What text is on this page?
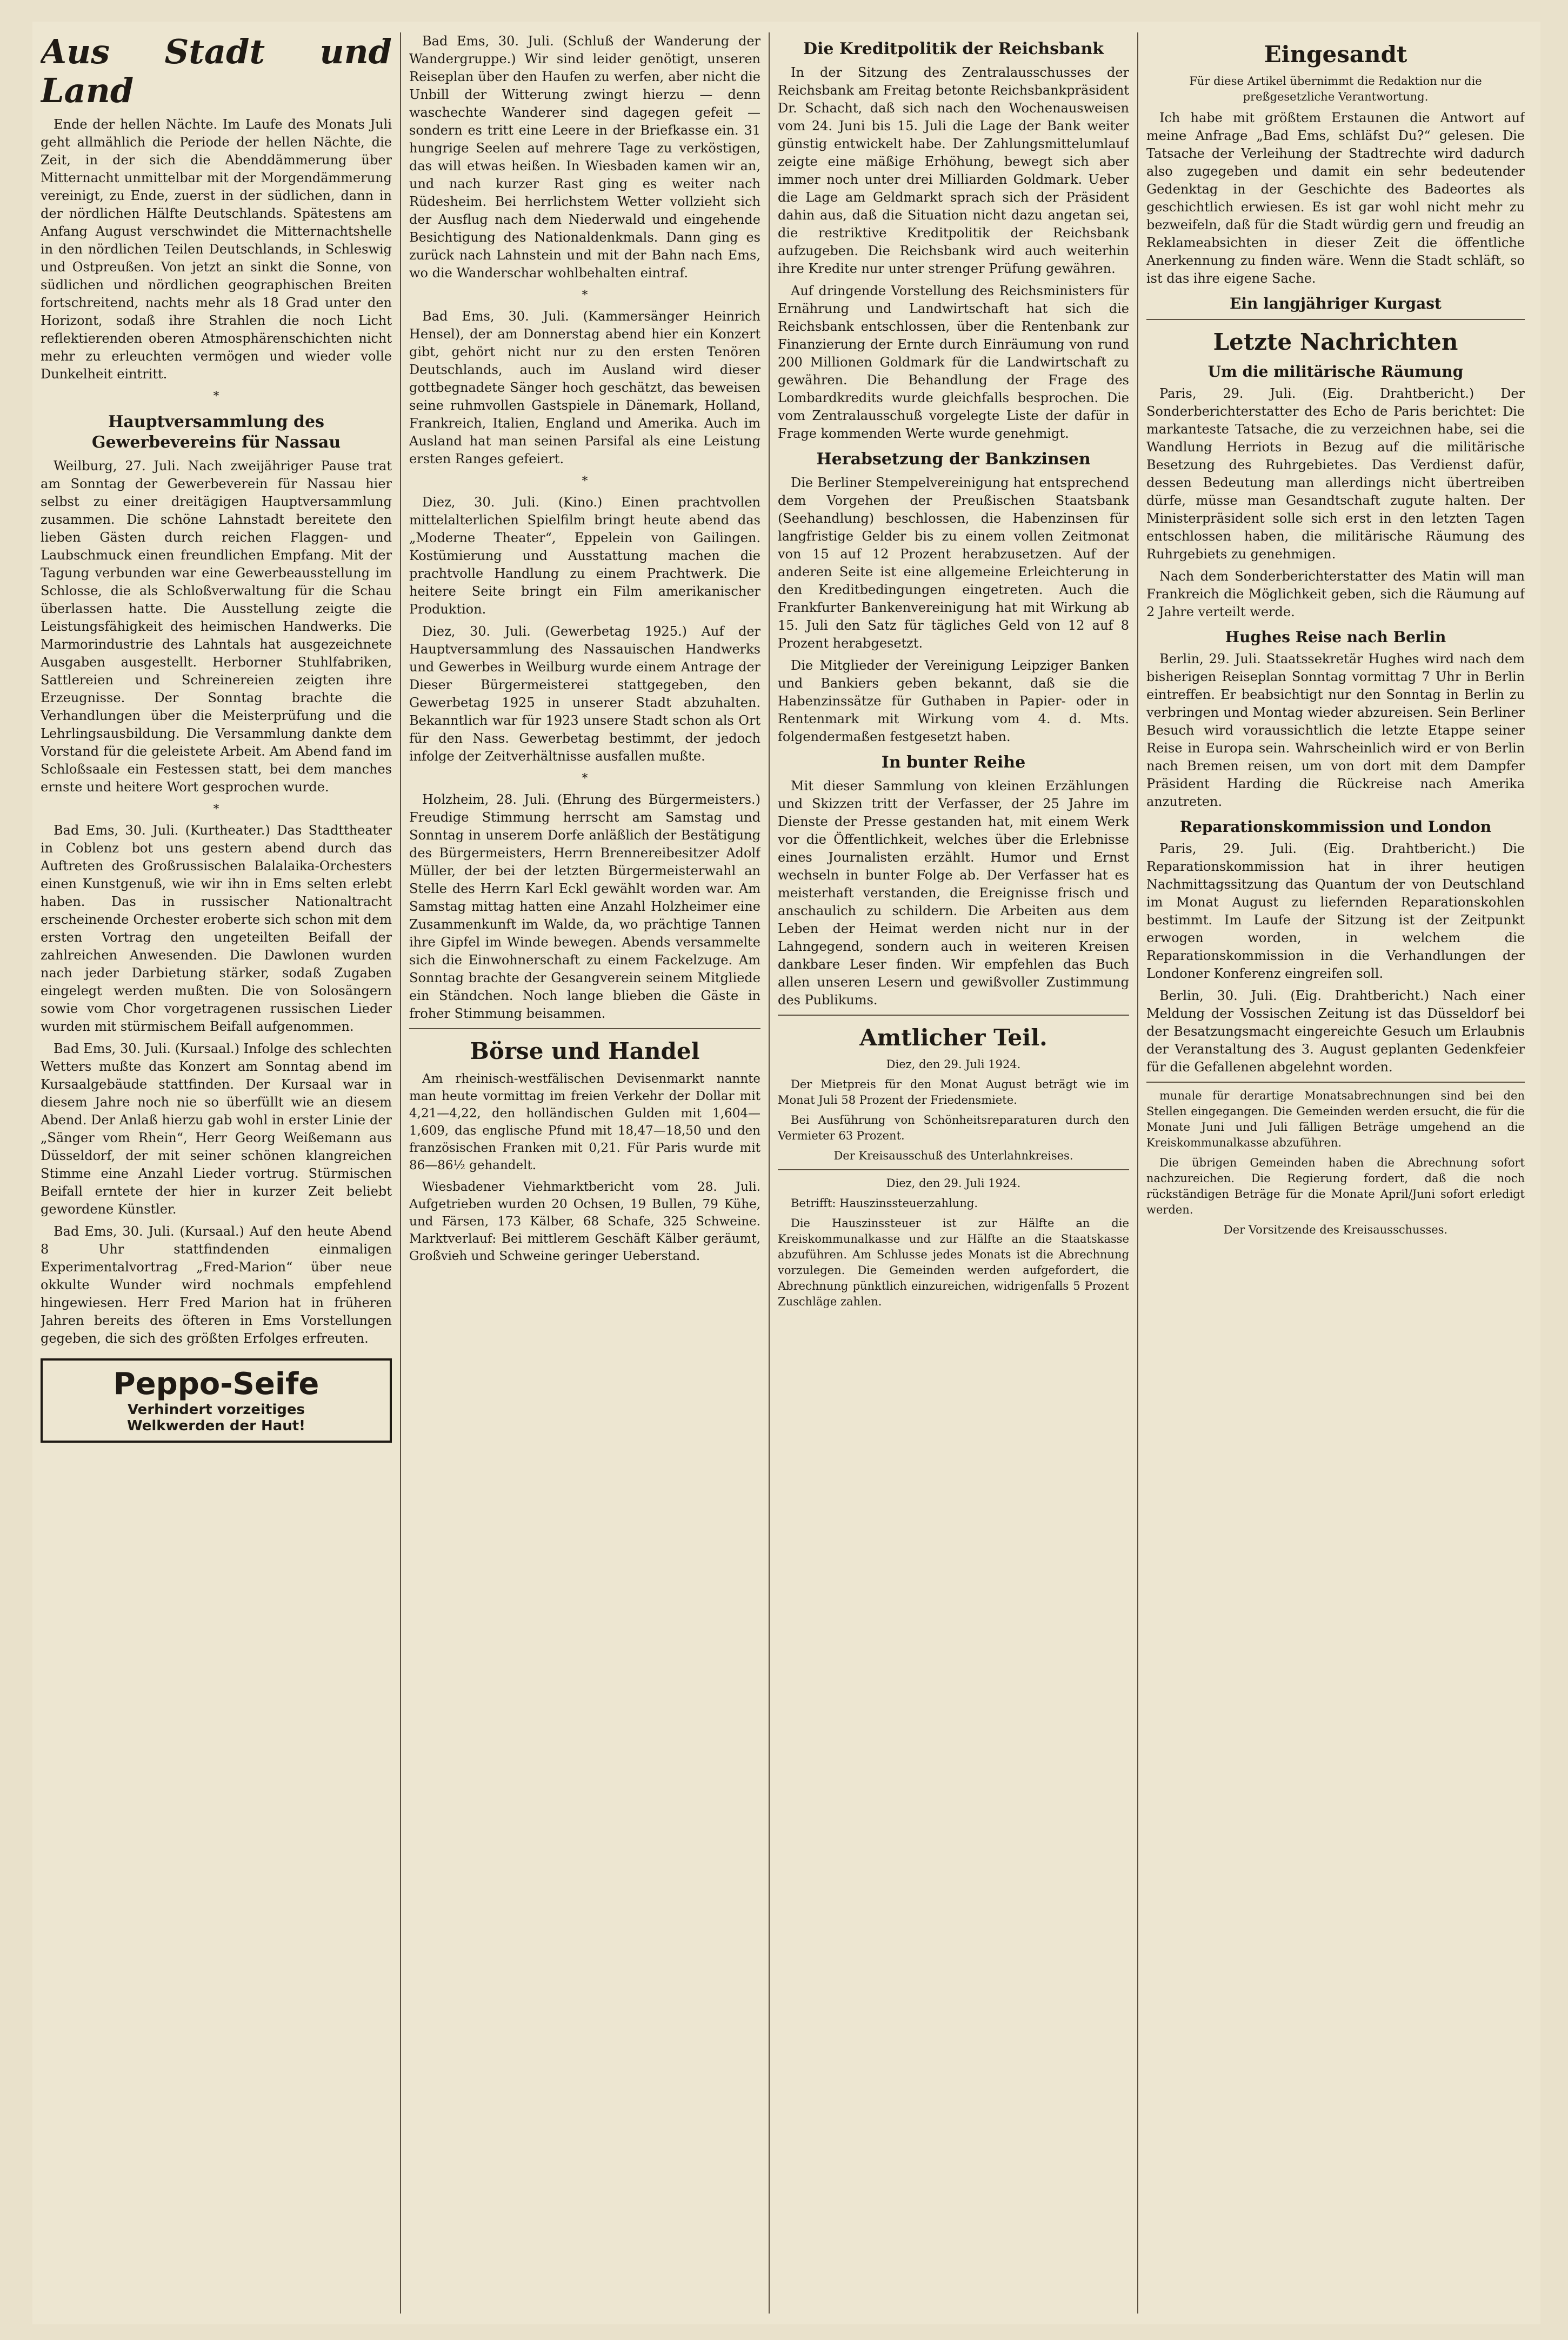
Aus Stadt und Land

Ende der hellen Nächte. Im Laufe des Monats Juli geht allmählich die Periode der hellen Nächte, die Zeit, in der sich die Abenddämmerung über Mitternacht unmittelbar mit der Morgendämmerung vereinigt, zu Ende, zuerst in der südlichen, dann in der nördlichen Hälfte Deutschlands. Spätestens am Anfang August verschwindet die Mitternachtshelle in den nördlichen Teilen Deutschlands, in Schleswig und Ostpreußen. Von jetzt an sinkt die Sonne, von südlichen und nördlichen geographischen Breiten fortschreitend, nachts mehr als 18 Grad unter den Horizont, sodaß ihre Strahlen die noch Licht reflektierenden oberen Atmosphärenschichten nicht mehr zu erleuchten vermögen und wieder volle Dunkelheit eintritt.

*
Hauptversammlung des Gewerbevereins für Nassau

Weilburg, 27. Juli. Nach zweijähriger Pause trat am Sonntag der Gewerbeverein für Nassau hier selbst zu einer dreitägigen Hauptversammlung zusammen. Die schöne Lahnstadt bereitete den lieben Gästen durch reichen Flaggen- und Laubschmuck einen freundlichen Empfang. Mit der Tagung verbunden war eine Gewerbeausstellung im Schlosse, die als Schloßverwaltung für die Schau überlassen hatte. Die Ausstellung zeigte die Leistungsfähigkeit des heimischen Handwerks. Die Marmorindustrie des Lahntals hat ausgezeichnete Ausgaben ausgestellt. Herborner Stuhlfabriken, Sattlereien und Schreinereien zeigten ihre Erzeugnisse. Der Sonntag brachte die Verhandlungen über die Meisterprüfung und die Lehrlingsausbildung. Die Versammlung dankte dem Vorstand für die geleistete Arbeit. Am Abend fand im Schloßsaale ein Festessen statt, bei dem manches ernste und heitere Wort gesprochen wurde.

*

Bad Ems, 30. Juli. (Kurtheater.) Das Stadttheater in Coblenz bot uns gestern abend durch das Auftreten des Großrussischen Balalaika-Orchesters einen Kunstgenuß, wie wir ihn in Ems selten erlebt haben. Das in russischer Nationaltracht erscheinende Orchester eroberte sich schon mit dem ersten Vortrag den ungeteilten Beifall der zahlreichen Anwesenden. Die Dawlonen wurden nach jeder Darbietung stärker, sodaß Zugaben eingelegt werden mußten. Die von Solosängern sowie vom Chor vorgetragenen russischen Lieder wurden mit stürmischem Beifall aufgenommen.

Bad Ems, 30. Juli. (Kursaal.) Infolge des schlechten Wetters mußte das Konzert am Sonntag abend im Kursaalgebäude stattfinden. Der Kursaal war in diesem Jahre noch nie so überfüllt wie an diesem Abend. Der Anlaß hierzu gab wohl in erster Linie der „Sänger vom Rhein“, Herr Georg Weißemann aus Düsseldorf, der mit seiner schönen klangreichen Stimme eine Anzahl Lieder vortrug. Stürmischen Beifall erntete der hier in kurzer Zeit beliebt gewordene Künstler.

Bad Ems, 30. Juli. (Kursaal.) Auf den heute Abend 8 Uhr stattfindenden einmaligen Experimentalvortrag „Fred-Marion“ über neue okkulte Wunder wird nochmals empfehlend hingewiesen. Herr Fred Marion hat in früheren Jahren bereits des öfteren in Ems Vorstellungen gegeben, die sich des größten Erfolges erfreuten.

Peppo-Seife
Verhindert vorzeitiges
Welkwerden der Haut!

Bad Ems, 30. Juli. (Schluß der Wanderung der Wandergruppe.) Wir sind leider genötigt, unseren Reiseplan über den Haufen zu werfen, aber nicht die Unbill der Witterung zwingt hierzu — denn waschechte Wanderer sind dagegen gefeit — sondern es tritt eine Leere in der Briefkasse ein. 31 hungrige Seelen auf mehrere Tage zu verköstigen, das will etwas heißen. In Wiesbaden kamen wir an, und nach kurzer Rast ging es weiter nach Rüdesheim. Bei herrlichstem Wetter vollzieht sich der Ausflug nach dem Niederwald und eingehende Besichtigung des Nationaldenkmals. Dann ging es zurück nach Lahnstein und mit der Bahn nach Ems, wo die Wanderschar wohlbehalten eintraf.

*

Bad Ems, 30. Juli. (Kammersänger Heinrich Hensel), der am Donnerstag abend hier ein Konzert gibt, gehört nicht nur zu den ersten Tenören Deutschlands, auch im Ausland wird dieser gottbegnadete Sänger hoch geschätzt, das beweisen seine ruhmvollen Gastspiele in Dänemark, Holland, Frankreich, Italien, England und Amerika. Auch im Ausland hat man seinen Parsifal als eine Leistung ersten Ranges gefeiert.

*

Diez, 30. Juli. (Kino.) Einen prachtvollen mittelalterlichen Spielfilm bringt heute abend das „Moderne Theater“, Eppelein von Gailingen. Kostümierung und Ausstattung machen die prachtvolle Handlung zu einem Prachtwerk. Die heitere Seite bringt ein Film amerikanischer Produktion.

Diez, 30. Juli. (Gewerbetag 1925.) Auf der Hauptversammlung des Nassauischen Handwerks und Gewerbes in Weilburg wurde einem Antrage der Dieser Bürgermeisterei stattgegeben, den Gewerbetag 1925 in unserer Stadt abzuhalten. Bekanntlich war für 1923 unsere Stadt schon als Ort für den Nass. Gewerbetag bestimmt, der jedoch infolge der Zeitverhältnisse ausfallen mußte.

*

Holzheim, 28. Juli. (Ehrung des Bürgermeisters.) Freudige Stimmung herrscht am Samstag und Sonntag in unserem Dorfe anläßlich der Bestätigung des Bürgermeisters, Herrn Brennereibesitzer Adolf Müller, der bei der letzten Bürgermeisterwahl an Stelle des Herrn Karl Eckl gewählt worden war. Am Samstag mittag hatten eine Anzahl Holzheimer eine Zusammenkunft im Walde, da, wo prächtige Tannen ihre Gipfel im Winde bewegen. Abends versammelte sich die Einwohnerschaft zu einem Fackelzuge. Am Sonntag brachte der Gesangverein seinem Mitgliede ein Ständchen. Noch lange blieben die Gäste in froher Stimmung beisammen.

Börse und Handel

Am rheinisch-westfälischen Devisenmarkt nannte man heute vormittag im freien Verkehr der Dollar mit 4,21—4,22, den holländischen Gulden mit 1,604—1,609, das englische Pfund mit 18,47—18,50 und den französischen Franken mit 0,21. Für Paris wurde mit 86—86½ gehandelt.

Wiesbadener Viehmarktbericht vom 28. Juli. Aufgetrieben wurden 20 Ochsen, 19 Bullen, 79 Kühe, und Färsen, 173 Kälber, 68 Schafe, 325 Schweine. Marktverlauf: Bei mittlerem Geschäft Kälber geräumt, Großvieh und Schweine geringer Ueberstand.

Die Kreditpolitik der Reichsbank

In der Sitzung des Zentralausschusses der Reichsbank am Freitag betonte Reichsbankpräsident Dr. Schacht, daß sich nach den Wochenausweisen vom 24. Juni bis 15. Juli die Lage der Bank weiter günstig entwickelt habe. Der Zahlungsmittelumlauf zeigte eine mäßige Erhöhung, bewegt sich aber immer noch unter drei Milliarden Goldmark. Ueber die Lage am Geldmarkt sprach sich der Präsident dahin aus, daß die Situation nicht dazu angetan sei, die restriktive Kreditpolitik der Reichsbank aufzugeben. Die Reichsbank wird auch weiterhin ihre Kredite nur unter strenger Prüfung gewähren.

Auf dringende Vorstellung des Reichsministers für Ernährung und Landwirtschaft hat sich die Reichsbank entschlossen, über die Rentenbank zur Finanzierung der Ernte durch Einräumung von rund 200 Millionen Goldmark für die Landwirtschaft zu gewähren. Die Behandlung der Frage des Lombardkredits wurde gleichfalls besprochen. Die vom Zentralausschuß vorgelegte Liste der dafür in Frage kommenden Werte wurde genehmigt.

Herabsetzung der Bankzinsen

Die Berliner Stempelvereinigung hat entsprechend dem Vorgehen der Preußischen Staatsbank (Seehandlung) beschlossen, die Habenzinsen für langfristige Gelder bis zu einem vollen Zeitmonat von 15 auf 12 Prozent herabzusetzen. Auf der anderen Seite ist eine allgemeine Erleichterung in den Kreditbedingungen eingetreten. Auch die Frankfurter Bankenvereinigung hat mit Wirkung ab 15. Juli den Satz für tägliches Geld von 12 auf 8 Prozent herabgesetzt.

Die Mitglieder der Vereinigung Leipziger Banken und Bankiers geben bekannt, daß sie die Habenzinssätze für Guthaben in Papier- oder in Rentenmark mit Wirkung vom 4. d. Mts. folgendermaßen festgesetzt haben.

In bunter Reihe

Mit dieser Sammlung von kleinen Erzählungen und Skizzen tritt der Verfasser, der 25 Jahre im Dienste der Presse gestanden hat, mit einem Werk vor die Öffentlichkeit, welches über die Erlebnisse eines Journalisten erzählt. Humor und Ernst wechseln in bunter Folge ab. Der Verfasser hat es meisterhaft verstanden, die Ereignisse frisch und anschaulich zu schildern. Die Arbeiten aus dem Leben der Heimat werden nicht nur in der Lahngegend, sondern auch in weiteren Kreisen dankbare Leser finden. Wir empfehlen das Buch allen unseren Lesern und gewißvoller Zustimmung des Publikums.

Amtlicher Teil.

Diez, den 29. Juli 1924.

Der Mietpreis für den Monat August beträgt wie im Monat Juli 58 Prozent der Friedensmiete.

Bei Ausführung von Schönheitsreparaturen durch den Vermieter 63 Prozent.

Der Kreisausschuß des Unterlahnkreises.

Diez, den 29. Juli 1924.

Betrifft: Hauszinssteuerzahlung.

Die Hauszinssteuer ist zur Hälfte an die Kreiskommunalkasse und zur Hälfte an die Staatskasse abzuführen. Am Schlusse jedes Monats ist die Abrechnung vorzulegen. Die Gemeinden werden aufgefordert, die Abrechnung pünktlich einzureichen, widrigenfalls 5 Prozent Zuschläge zahlen.

Eingesandt

Für diese Artikel übernimmt die Redaktion nur die preßgesetzliche Verantwortung.

Ich habe mit größtem Erstaunen die Antwort auf meine Anfrage „Bad Ems, schläfst Du?“ gelesen. Die Tatsache der Verleihung der Stadtrechte wird dadurch also zugegeben und damit ein sehr bedeutender Gedenktag in der Geschichte des Badeortes als geschichtlich erwiesen. Es ist gar wohl nicht mehr zu bezweifeln, daß für die Stadt würdig gern und freudig an Reklameabsichten in dieser Zeit die öffentliche Anerkennung zu finden wäre. Wenn die Stadt schläft, so ist das ihre eigene Sache.

Ein langjähriger Kurgast
Letzte Nachrichten
Um die militärische Räumung

Paris, 29. Juli. (Eig. Drahtbericht.) Der Sonderberichterstatter des Echo de Paris berichtet: Die markanteste Tatsache, die zu verzeichnen habe, sei die Wandlung Herriots in Bezug auf die militärische Besetzung des Ruhrgebietes. Das Verdienst dafür, dessen Bedeutung man allerdings nicht übertreiben dürfe, müsse man Gesandtschaft zugute halten. Der Ministerpräsident solle sich erst in den letzten Tagen entschlossen haben, die militärische Räumung des Ruhrgebiets zu genehmigen.

Nach dem Sonderberichterstatter des Matin will man Frankreich die Möglichkeit geben, sich die Räumung auf 2 Jahre verteilt werde.

Hughes Reise nach Berlin

Berlin, 29. Juli. Staatssekretär Hughes wird nach dem bisherigen Reiseplan Sonntag vormittag 7 Uhr in Berlin eintreffen. Er beabsichtigt nur den Sonntag in Berlin zu verbringen und Montag wieder abzureisen. Sein Berliner Besuch wird voraussichtlich die letzte Etappe seiner Reise in Europa sein. Wahrscheinlich wird er von Berlin nach Bremen reisen, um von dort mit dem Dampfer Präsident Harding die Rückreise nach Amerika anzutreten.

Reparationskommission und London

Paris, 29. Juli. (Eig. Drahtbericht.) Die Reparationskommission hat in ihrer heutigen Nachmittagssitzung das Quantum der von Deutschland im Monat August zu liefernden Reparationskohlen bestimmt. Im Laufe der Sitzung ist der Zeitpunkt erwogen worden, in welchem die Reparationskommission in die Verhandlungen der Londoner Konferenz eingreifen soll.

Berlin, 30. Juli. (Eig. Drahtbericht.) Nach einer Meldung der Vossischen Zeitung ist das Düsseldorf bei der Besatzungsmacht eingereichte Gesuch um Erlaubnis der Veranstaltung des 3. August geplanten Gedenkfeier für die Gefallenen abgelehnt worden.

munale für derartige Monatsabrechnungen sind bei den Stellen eingegangen. Die Gemeinden werden ersucht, die für die Monate Juni und Juli fälligen Beträge umgehend an die Kreiskommunalkasse abzuführen.

Die übrigen Gemeinden haben die Abrechnung sofort nachzureichen. Die Regierung fordert, daß die noch rückständigen Beträge für die Monate April/Juni sofort erledigt werden.

Der Vorsitzende des Kreisausschusses.
